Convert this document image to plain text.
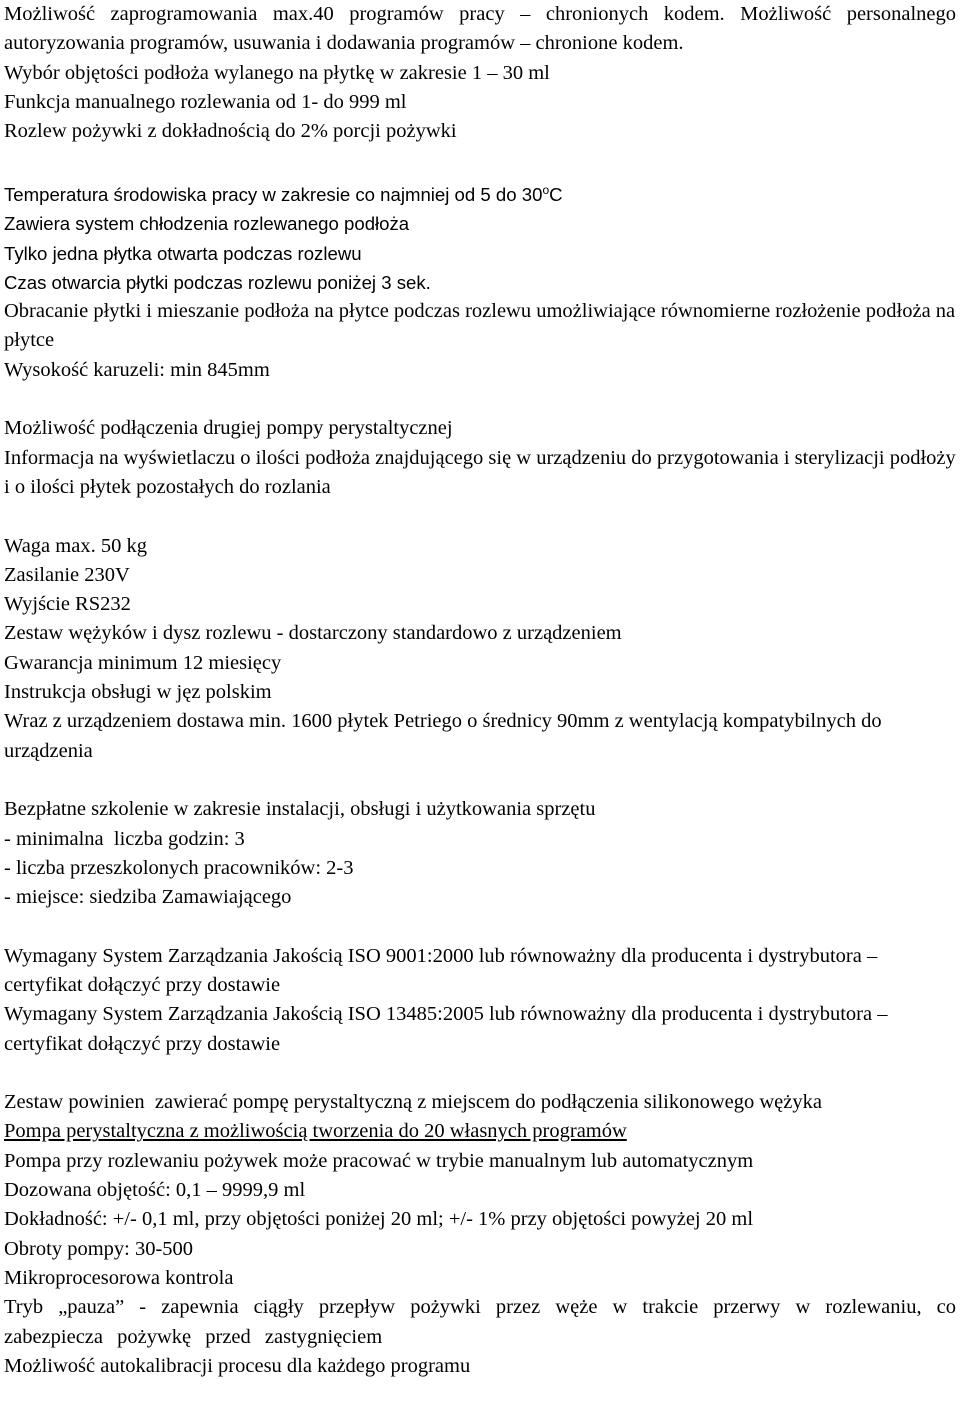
Możliwość zaprogramowania max.40 programów pracy – chronionych kodem. Możliwość personalnego autoryzowania programów, usuwania i dodawania programów – chronione kodem.

Wybór objętości podłoża wylanego na płytkę w zakresie 1 – 30 ml

Funkcja manualnego rozlewania od 1- do 999 ml

Rozlew pożywki z dokładnością do 2% porcji pożywki

Temperatura środowiska pracy w zakresie co najmniej od 5 do 30$^o$C

Zawiera system chłodzenia rozlewanego podłoża

Tylko jedna płytka otwarta podczas rozlewu

Czas otwarcia płytki podczas rozlewu poniżej 3 sek.

Obracanie płytki i mieszanie podłoża na płytce podczas rozlewu umożliwiające równomierne rozłożenie podłoża na płytce

Wysokość karuzeli: min 845mm

Możliwość podłączenia drugiej pompy perystaltycznej

Informacja na wyświetlaczu o ilości podłoża znajdującego się w urządzeniu do przygotowania i sterylizacji podłoży i o ilości płytek pozostałych do rozlania

Waga max. 50 kg

Zasilanie 230V

Wyjście RS232

Zestaw wężyków i dysz rozlewu - dostarczony standardowo z urządzeniem

Gwarancja minimum 12 miesięcy

Instrukcja obsługi w jęz polskim

Wraz z urządzeniem dostawa min. 1600 płytek Petriego o średnicy 90mm z wentylacją kompatybilnych do urządzenia

Bezpłatne szkolenie w zakresie instalacji, obsługi i użytkowania sprzętu

- minimalna  liczba godzin: 3

- liczba przeszkolonych pracowników: 2-3

- miejsce: siedziba Zamawiającego

Wymagany System Zarządzania Jakością ISO 9001:2000 lub równoważny dla producenta i dystrybutora – certyfikat dołączyć przy dostawie

Wymagany System Zarządzania Jakością ISO 13485:2005 lub równoważny dla producenta i dystrybutora – certyfikat dołączyć przy dostawie

Zestaw powinien  zawierać pompę perystaltyczną z miejscem do podłączenia silikonowego wężyka

Pompa perystaltyczna z możliwością tworzenia do 20 własnych programów

Pompa przy rozlewaniu pożywek może pracować w trybie manualnym lub automatycznym

Dozowana objętość: 0,1 – 9999,9 ml

Dokładność: +/- 0,1 ml, przy objętości poniżej 20 ml; +/- 1% przy objętości powyżej 20 ml

Obroty pompy: 30-500

Mikroprocesorowa kontrola

Tryb „pauza” - zapewnia ciągły przepływ pożywki przez węże w trakcie przerwy w rozlewaniu, co zabezpiecza pożywkę przed zastygnięciem

Możliwość autokalibracji procesu dla każdego programu
